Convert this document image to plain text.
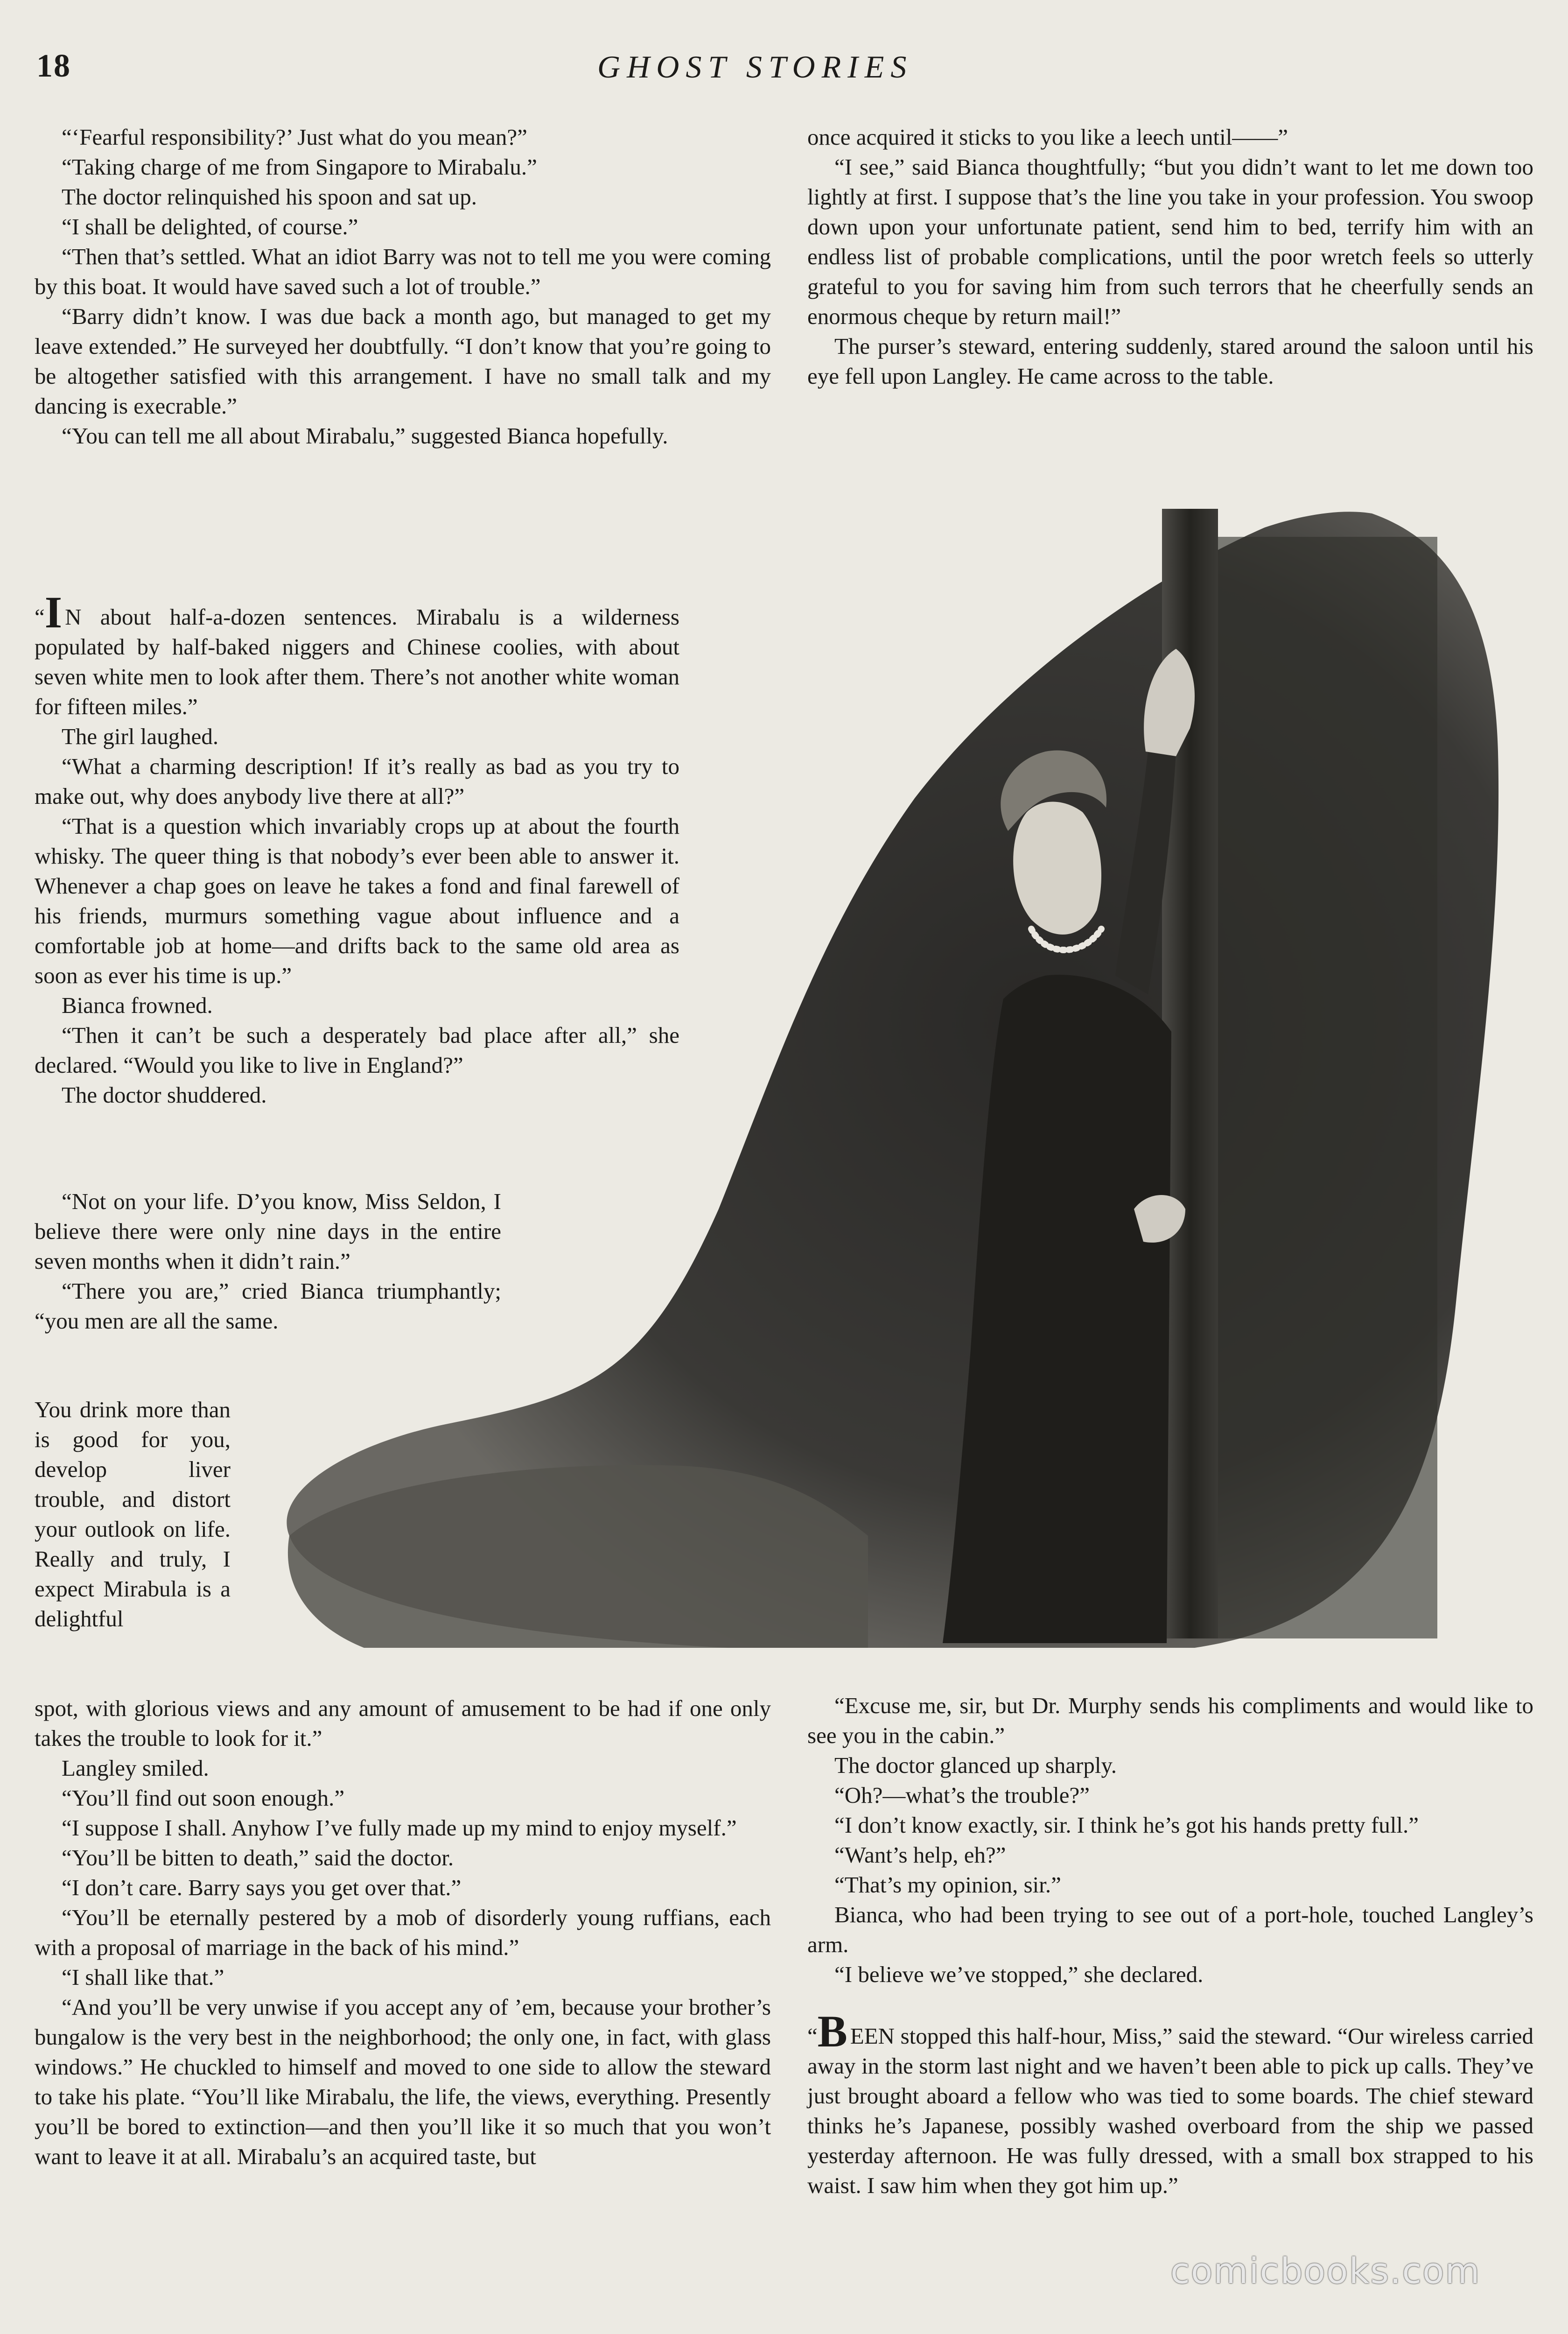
18	GHOST STORIES

“‘Fearful responsibility?’ Just what do you mean?”

“Taking charge of me from Singapore to Mirabalu.”

The doctor relinquished his spoon and sat up.

“I shall be delighted, of course.”

“Then that’s settled. What an idiot Barry was not to tell me you were coming by this boat. It would have saved such a lot of trouble.”

“Barry didn’t know. I was due back a month ago, but managed to get my leave extended.” He surveyed her doubtfully. “I don’t know that you’re going to be altogether satisfied with this arrangement. I have no small talk and my dancing is execrable.”

“You can tell me all about Mirabalu,” suggested Bianca hopefully.

“I N about half-a-dozen sentences. Mirabalu is a wilderness populated by half-baked niggers and Chinese coolies, with about seven white men to look after them. There’s not another white woman for fifteen miles.”

The girl laughed.

“What a charming description! If it’s really as bad as you try to make out, why does anybody live there at all?”

“That is a question which invariably crops up at about the fourth whisky. The queer thing is that nobody’s ever been able to answer it. Whenever a chap goes on leave he takes a fond and final farewell of his friends, murmurs something vague about influence and a comfortable job at home—and drifts back to the same old area as soon as ever his time is up.”

Bianca frowned.

“Then it can’t be such a desperately bad place after all,” she declared. “Would you like to live in England?”

The doctor shuddered.

“Not on your life. D’you know, Miss Seldon, I believe there were only nine days in the entire seven months when it didn’t rain.”

“There you are,” cried Bianca triumphantly; “you men are all the same.

You drink more than is good for you, develop liver trouble, and distort your outlook on life. Really and truly, I expect Mirabula is a delightful

spot, with glorious views and any amount of amusement to be had if one only takes the trouble to look for it.”

Langley smiled.

“You’ll find out soon enough.”

“I suppose I shall. Anyhow I’ve fully made up my mind to enjoy myself.”

“You’ll be bitten to death,” said the doctor.

“I don’t care. Barry says you get over that.”

“You’ll be eternally pestered by a mob of disorderly young ruffians, each with a proposal of marriage in the back of his mind.”

“I shall like that.”

“And you’ll be very unwise if you accept any of ’em, because your brother’s bungalow is the very best in the neighborhood; the only one, in fact, with glass windows.” He chuckled to himself and moved to one side to allow the steward to take his plate. “You’ll like Mirabalu, the life, the views, everything. Presently you’ll be bored to extinction—and then you’ll like it so much that you won’t want to leave it at all. Mirabalu’s an acquired taste, but

once acquired it sticks to you like a leech until——”

“I see,” said Bianca thoughtfully; “but you didn’t want to let me down too lightly at first. I suppose that’s the line you take in your profession. You swoop down upon your unfortunate patient, send him to bed, terrify him with an endless list of probable complications, until the poor wretch feels so utterly grateful to you for saving him from such terrors that he cheerfully sends an enormous cheque by return mail!”

The purser’s steward, entering suddenly, stared around the saloon until his eye fell upon Langley. He came across to the table.

“Excuse me, sir, but Dr. Murphy sends his compliments and would like to see you in the cabin.”

The doctor glanced up sharply.

“Oh?—what’s the trouble?”

“I don’t know exactly, sir. I think he’s got his hands pretty full.”

“Want’s help, eh?”

“That’s my opinion, sir.”

Bianca, who had been trying to see out of a port-hole, touched Langley’s arm.

“I believe we’ve stopped,” she declared.

“B EEN stopped this half-hour, Miss,” said the steward. “Our wireless carried away in the storm last night and we haven’t been able to pick up calls. They’ve just brought aboard a fellow who was tied to some boards. The chief steward thinks he’s Japanese, possibly washed overboard from the ship we passed yesterday afternoon. He was fully dressed, with a small box strapped to his waist. I saw him when they got him up.”

comicbooks.com
